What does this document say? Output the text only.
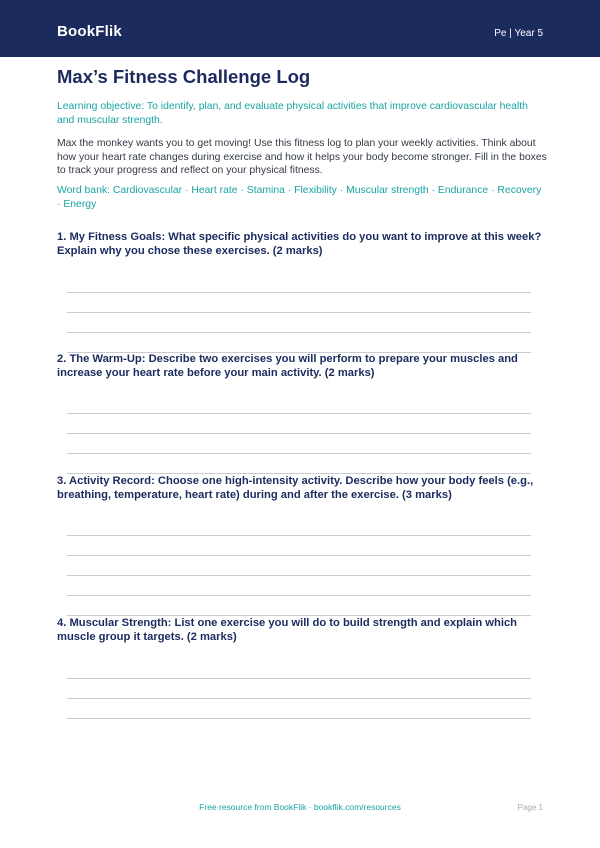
BookFlik	Pe | Year 5
Max’s Fitness Challenge Log

Learning objective: To identify, plan, and evaluate physical activities that improve cardiovascular health and muscular strength.

Max the monkey wants you to get moving! Use this fitness log to plan your weekly activities. Think about how your heart rate changes during exercise and how it helps your body become stronger. Fill in the boxes to track your progress and reflect on your physical fitness.

Word bank: Cardiovascular · Heart rate · Stamina · Flexibility · Muscular strength · Endurance · Recovery · Energy

1. My Fitness Goals: What specific physical activities do you want to improve at this week? Explain why you chose these exercises. (2 marks)

2. The Warm-Up: Describe two exercises you will perform to prepare your muscles and increase your heart rate before your main activity. (2 marks)

3. Activity Record: Choose one high-intensity activity. Describe how your body feels (e.g., breathing, temperature, heart rate) during and after the exercise. (3 marks)

4. Muscular Strength: List one exercise you will do to build strength and explain which muscle group it targets. (2 marks)

Free resource from BookFlik · bookflik.com/resources	Page 1
